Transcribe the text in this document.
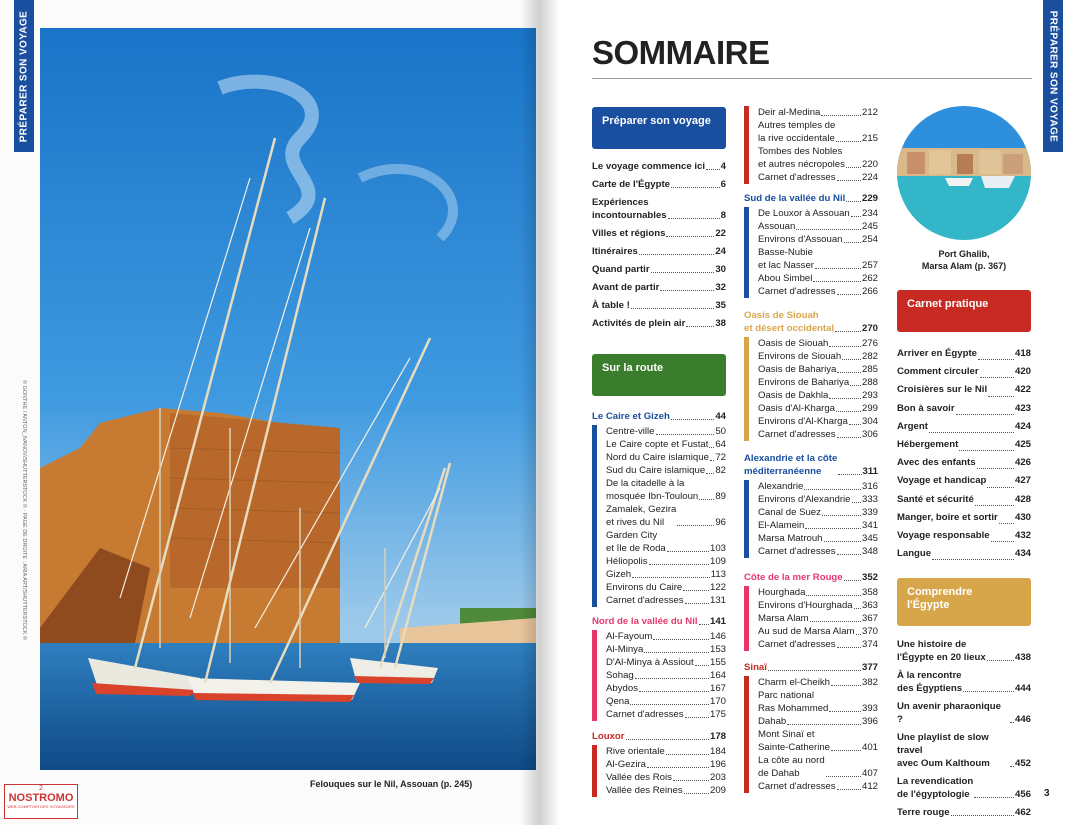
PRÉPARER SON VOYAGE	PRÉPARER SON VOYAGE
© GONTHE / ANTON_IVANOV/SHUTTERSTOCK © · PAGE DE DROITE : ARIA ART/SHUTTERSTOCK ©
Felouques sur le Nil, Assouan (p. 245)
2
NOSTROMO
WEB COMPTOIR DES VOYAGEURS
SOMMAIRE
Préparer son voyage
Le voyage commence ici 4
Carte de l'Égypte	6
Expériences
incontournables	8
Villes et régions	22
Itinéraires	24
Quand partir	30
Avant de partir	32
À table !	35
Activités de plein air	38
Sur la route
Le Caire et Gizeh	44
Centre-ville	50
Le Caire copte et Fustat 64
Nord du Caire islamique 72
Sud du Caire islamique 82
De la citadelle à la
mosquée Ibn-Touloun 89
Zamalek, Gezira
et rives du Nil	96
Garden City
et île de Roda	103
Héliopolis	109
Gizeh	113
Environs du Caire	122
Carnet d'adresses	131
Nord de la vallée du Nil 141
Al-Fayoum	146
Al-Minya	153
D'Al-Minya à Assiout 155
Sohag	164
Abydos	167
Qena	170
Carnet d'adresses	175
Louxor	178
Rive orientale	184
Al-Gezira	196
Vallée des Rois	203
Vallée des Reines	209
Deir al-Medina	212
Autres temples de
la rive occidentale	215
Tombes des Nobles
et autres nécropoles 220
Carnet d'adresses	224
Sud de la vallée du Nil 229
De Louxor à Assouan 234
Assouan	245
Environs d'Assouan 254
Basse-Nubie
et lac Nasser	257
Abou Simbel	262
Carnet d'adresses	266
Oasis de Siouah
et désert occidental	270
Oasis de Siouah	276
Environs de Siouah 282
Oasis de Bahariya	285
Environs de Bahariya 288
Oasis de Dakhla	293
Oasis d'Al-Kharga	299
Environs d'Al-Kharga 304
Carnet d'adresses	306
Alexandrie et la côte
méditerranéenne	311
Alexandrie	316
Environs d'Alexandrie 333
Canal de Suez	339
El-Alamein	341
Marsa Matrouh	345
Carnet d'adresses	348
Côte de la mer Rouge 352
Hourghada	358
Environs d'Hourghada 363
Marsa Alam	367
Au sud de Marsa Alam 370
Carnet d'adresses	374
Sinaï	377
Charm el-Cheikh	382
Parc national
Ras Mohammed	393
Dahab	396
Mont Sinaï et
Sainte-Catherine	401
La côte au nord
de Dahab	407
Carnet d'adresses	412
Port Ghalib,
Marsa Alam (p. 367)
Carnet pratique
Arriver en Égypte	418
Comment circuler	420
Croisières sur le Nil	422
Bon à savoir	423
Argent	424
Hébergement	425
Avec des enfants	426
Voyage et handicap	427
Santé et sécurité	428
Manger, boire et sortir 430
Voyage responsable	432
Langue	434
Comprendre
l'Égypte
Une histoire de
l'Égypte en 20 lieux	438
À la rencontre
des Égyptiens	444
Un avenir pharaonique ?	446
Une playlist de slow travel
avec Oum Kalthoum	452
La revendication
de l'égyptologie	456
Terre rouge	462
3
